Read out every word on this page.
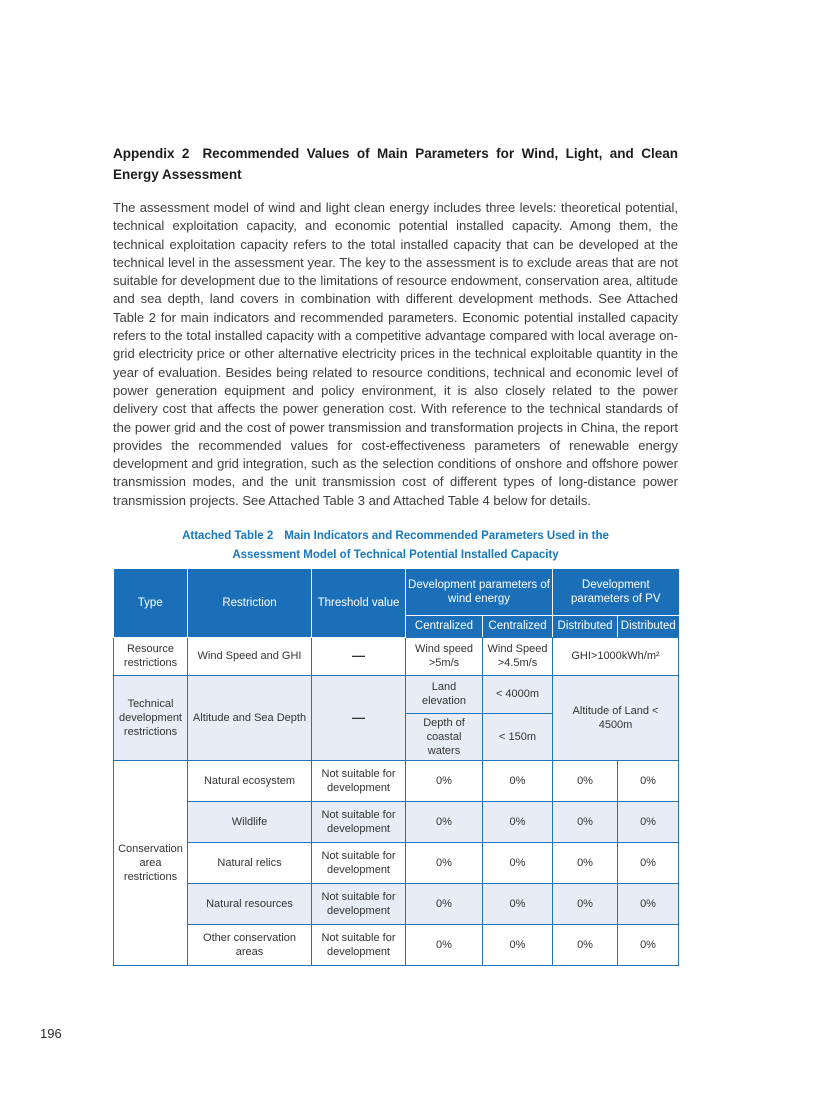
Appendix 2 Recommended Values of Main Parameters for Wind, Light, and Clean Energy Assessment

The assessment model of wind and light clean energy includes three levels: theoretical potential, technical exploitation capacity, and economic potential installed capacity. Among them, the technical exploitation capacity refers to the total installed capacity that can be developed at the technical level in the assessment year. The key to the assessment is to exclude areas that are not suitable for development due to the limitations of resource endowment, conservation area, altitude and sea depth, land covers in combination with different development methods. See Attached Table 2 for main indicators and recommended parameters. Economic potential installed capacity refers to the total installed capacity with a competitive advantage compared with local average on-grid electricity price or other alternative electricity prices in the technical exploitable quantity in the year of evaluation. Besides being related to resource conditions, technical and economic level of power generation equipment and policy environment, it is also closely related to the power delivery cost that affects the power generation cost. With reference to the technical standards of the power grid and the cost of power transmission and transformation projects in China, the report provides the recommended values for cost-effectiveness parameters of renewable energy development and grid integration, such as the selection conditions of onshore and offshore power transmission modes, and the unit transmission cost of different types of long-distance power transmission projects. See Attached Table 3 and Attached Table 4 below for details.

Attached Table 2 Main Indicators and Recommended Parameters Used in the
Assessment Model of Technical Potential Installed Capacity
Type	Restriction	Threshold value	Development parameters of wind energy		Development parameters of PV	
			Centralized	Centralized	Distributed	Distributed
Resource restrictions	Wind Speed and GHI	—	Wind speed >5m/s	Wind Speed >4.5m/s	GHI>1000kWh/m²	
Technical development restrictions	Altitude and Sea Depth	—	Land elevation	< 4000m	Altitude of Land < 4500m	
			Depth of coastal waters	< 150m		
Conservation area restrictions	Natural ecosystem	Not suitable for development	0%	0%	0%	0%
	Wildlife	Not suitable for development	0%	0%	0%	0%
	Natural relics	Not suitable for development	0%	0%	0%	0%
	Natural resources	Not suitable for development	0%	0%	0%	0%
	Other conservation areas	Not suitable for development	0%	0%	0%	0%
196
